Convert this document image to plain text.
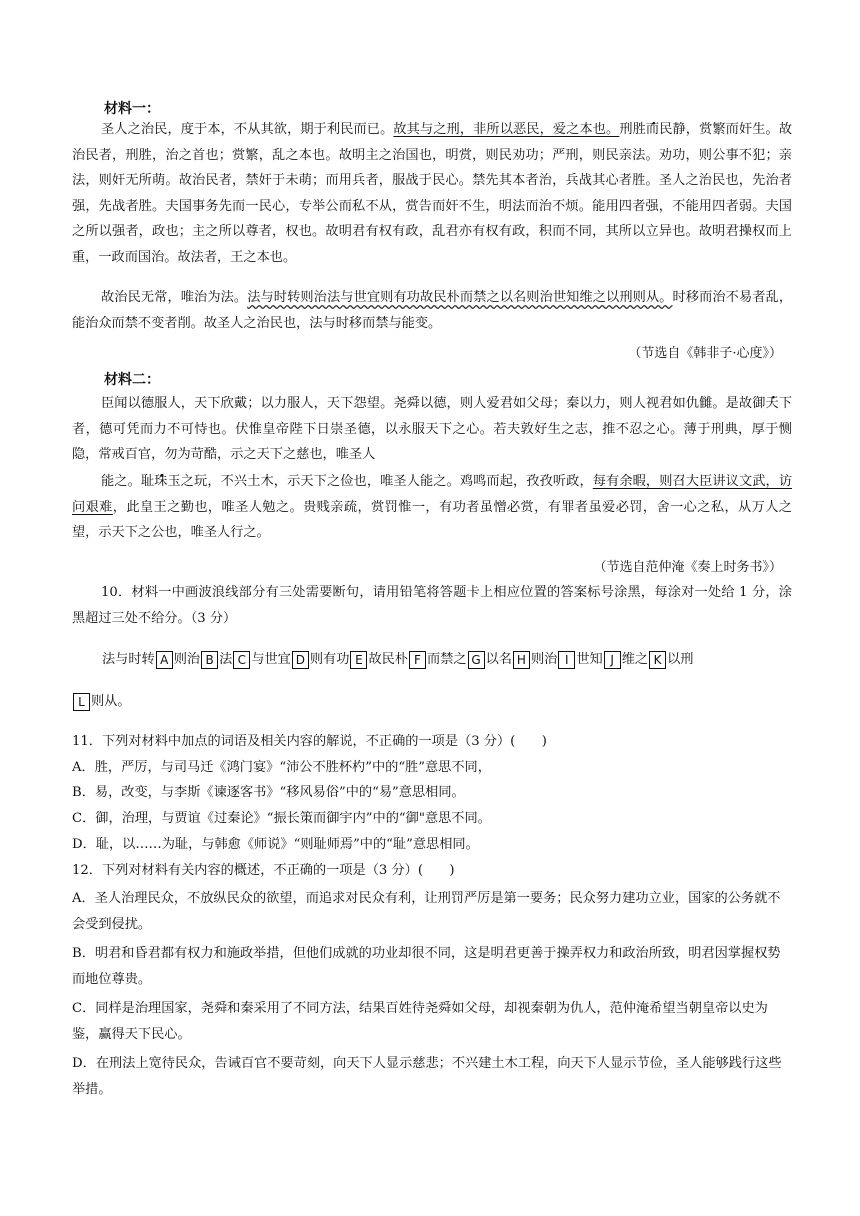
材料一：

圣人之治民，度于本，不从其欲，期于利民而已。故其与之刑，非所以恶民，爱之本也。刑胜而民静，赏繁而奸生。故治民者，刑胜，治之首也；赏繁，乱之本也。故明主之治国也，明赏，则民劝功；严刑，则民亲法。劝功，则公事不犯；亲法，则奸无所萌。故治民者，禁奸于未萌；而用兵者，服战于民心。禁先其本者治，兵战其心者胜。圣人之治民也，先治者强，先战者胜。夫国事务先而一民心，专举公而私不从，赏告而奸不生，明法而治不烦。能用四者强，不能用四者弱。夫国之所以强者，政也；主之所以尊者，权也。故明君有权有政，乱君亦有权有政，积而不同，其所以立异也。故明君操权而上重，一政而国治。故法者，王之本也。

故治民无常，唯治为法。法与时转则治法与世宜则有功故民朴而禁之以名则治世知维之以刑则从。时移而治不易者乱，能治众而禁不变者削。故圣人之治民也，法与时移而禁与能变。

（节选自《韩非子·心度》）
材料二：

臣闻以德服人，天下欣戴；以力服人，天下怨望。尧舜以德，则人爱君如父母；秦以力，则人视君如仇雠。是故御天下者，德可凭而力不可恃也。伏惟皇帝陛下日崇圣德，以永服天下之心。若夫敦好生之志，推不忍之心。薄于刑典，厚于恻隐，常戒百官，勿为苛酷，示之天下之慈也，唯圣人

能之。耻珠玉之玩，不兴土木，示天下之俭也，唯圣人能之。鸡鸣而起，孜孜听政，每有余暇，则召大臣讲议文武，访问艰难，此皇王之勤也，唯圣人勉之。贵贱亲疏，赏罚惟一，有功者虽憎必赏，有罪者虽爱必罚，舍一心之私，从万人之望，示天下之公也，唯圣人行之。

（节选自范仲淹《奏上时务书》）

10．材料一中画波浪线部分有三处需要断句，请用铅笔将答题卡上相应位置的答案标号涂黑，每涂对一处给 1 分，涂黑超过三处不给分。（3 分）

法与时转 A 则治 B 法 C 与世宜 D 则有功 E 故民朴 F 而禁之 G 以名 H 则治 I 世知 J 维之 K 以刑
L 则从。
11．下列对材料中加点的词语及相关内容的解说，不正确的一项是（3 分）(　　)
A．胜，严厉，与司马迁《鸿门宴》“沛公不胜杯杓”中的“胜”意思不同，
B．易，改变，与李斯《谏逐客书》“移风易俗”中的“易”意思相同。
C．御，治理，与贾谊《过秦论》“振长策而御宇内”中的“御"意思不同。
D．耻，以……为耻，与韩愈《师说》“则耻师焉”中的“耻”意思相同。
12．下列对材料有关内容的概述，不正确的一项是（3 分）(　　)

A．圣人治理民众，不放纵民众的欲望，而追求对民众有利，让刑罚严厉是第一要务；民众努力建功立业，国家的公务就不会受到侵扰。

B．明君和昏君都有权力和施政举措，但他们成就的功业却很不同，这是明君更善于操弄权力和政治所致，明君因掌握权势而地位尊贵。

C．同样是治理国家，尧舜和秦采用了不同方法，结果百姓待尧舜如父母，却视秦朝为仇人，范仲淹希望当朝皇帝以史为鉴，赢得天下民心。

D．在刑法上宽待民众，告诫百官不要苛刻，向天下人显示慈悲；不兴建土木工程，向天下人显示节俭，圣人能够践行这些举措。
